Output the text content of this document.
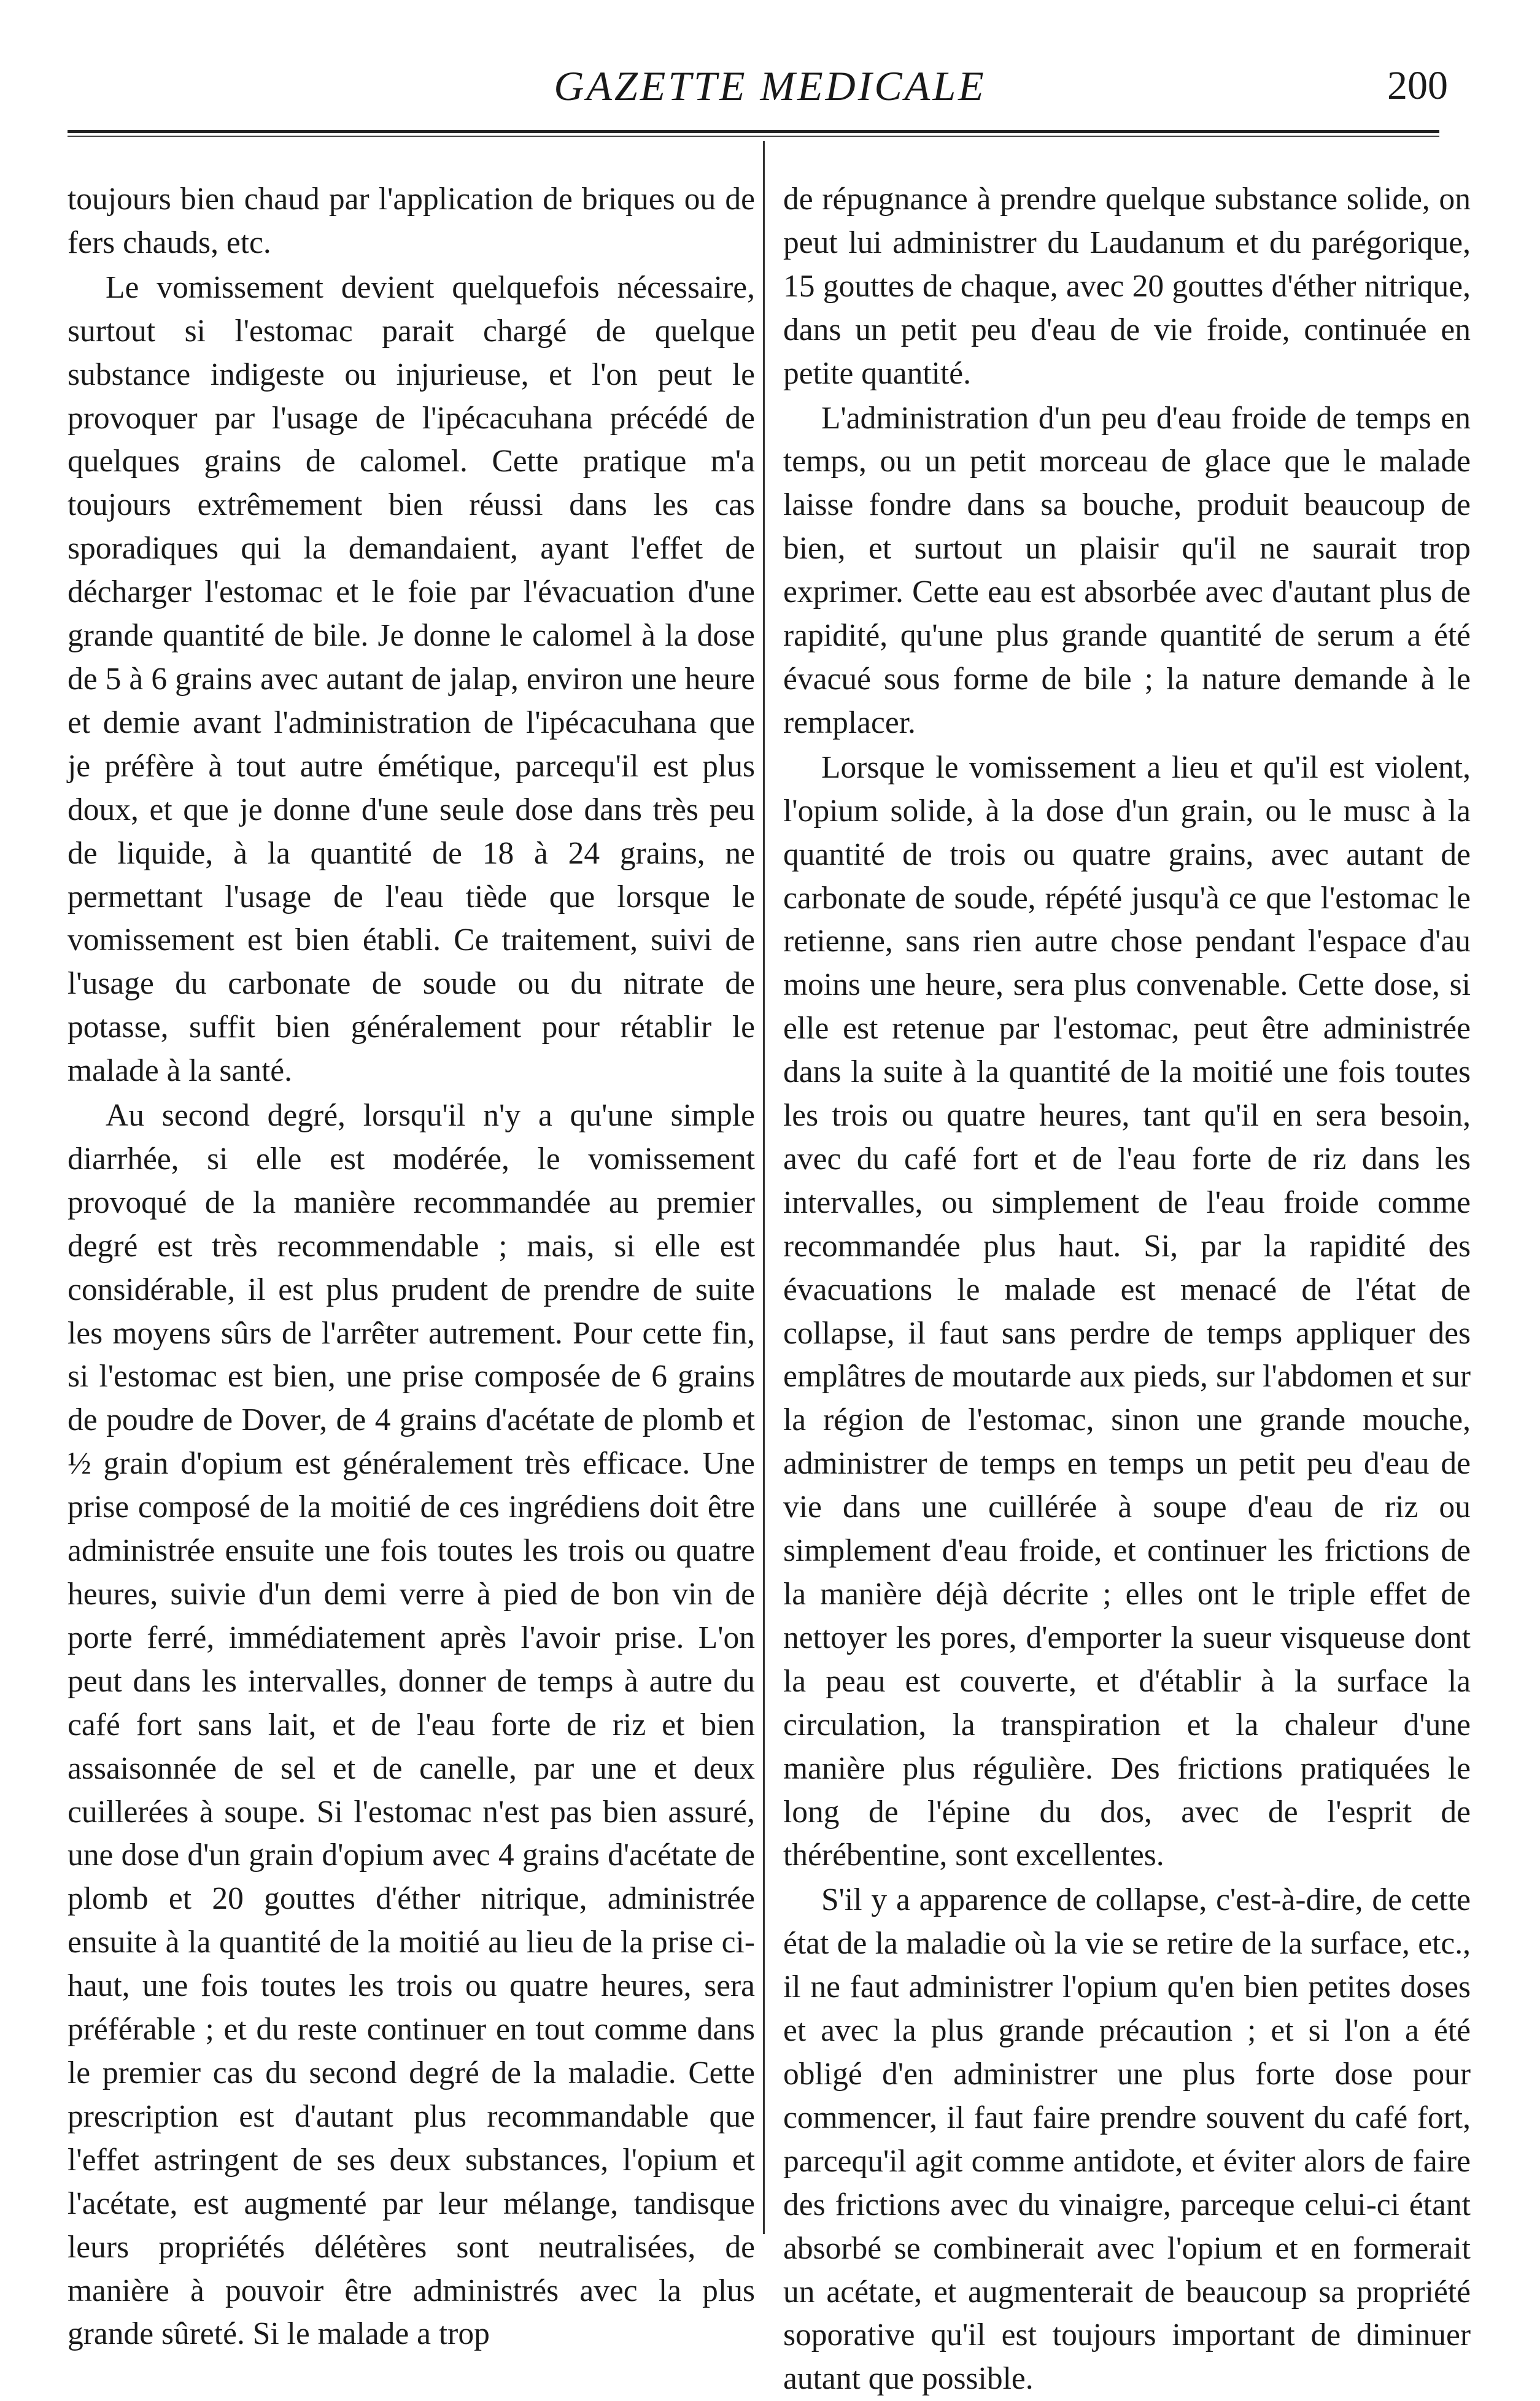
GAZETTE MEDICALE	200

toujours bien chaud par l'application de briques ou de fers chauds, etc.

Le vomissement devient quelquefois nécessaire, surtout si l'estomac parait chargé de quelque substance indigeste ou injurieuse, et l'on peut le provoquer par l'usage de l'ipécacuhana précédé de quelques grains de calomel. Cette pratique m'a toujours extrêmement bien réussi dans les cas sporadiques qui la demandaient, ayant l'effet de décharger l'estomac et le foie par l'évacuation d'une grande quantité de bile. Je donne le calomel à la dose de 5 à 6 grains avec autant de jalap, environ une heure et demie avant l'administration de l'ipécacuhana que je préfère à tout autre émétique, parcequ'il est plus doux, et que je donne d'une seule dose dans très peu de liquide, à la quantité de 18 à 24 grains, ne permettant l'usage de l'eau tiède que lorsque le vomissement est bien établi. Ce traitement, suivi de l'usage du carbonate de soude ou du nitrate de potasse, suffit bien généralement pour rétablir le malade à la santé.

Au second degré, lorsqu'il n'y a qu'une simple diarrhée, si elle est modérée, le vomissement provoqué de la manière recommandée au premier degré est très recommendable ; mais, si elle est considérable, il est plus prudent de prendre de suite les moyens sûrs de l'arrêter autrement. Pour cette fin, si l'estomac est bien, une prise composée de 6 grains de poudre de Dover, de 4 grains d'acétate de plomb et ½ grain d'opium est généralement très efficace. Une prise composé de la moitié de ces ingrédiens doit être administrée ensuite une fois toutes les trois ou quatre heures, suivie d'un demi verre à pied de bon vin de porte ferré, immédiatement après l'avoir prise. L'on peut dans les intervalles, donner de temps à autre du café fort sans lait, et de l'eau forte de riz et bien assaisonnée de sel et de canelle, par une et deux cuillerées à soupe. Si l'estomac n'est pas bien assuré, une dose d'un grain d'opium avec 4 grains d'acétate de plomb et 20 gouttes d'éther nitrique, administrée ensuite à la quantité de la moitié au lieu de la prise ci-haut, une fois toutes les trois ou quatre heures, sera préférable ; et du reste continuer en tout comme dans le premier cas du second degré de la maladie. Cette prescription est d'autant plus recommandable que l'effet astringent de ses deux substances, l'opium et l'acétate, est augmenté par leur mélange, tandisque leurs propriétés délétères sont neutralisées, de manière à pouvoir être administrés avec la plus grande sûreté. Si le malade a trop

de répugnance à prendre quelque substance solide, on peut lui administrer du Laudanum et du parégorique, 15 gouttes de chaque, avec 20 gouttes d'éther nitrique, dans un petit peu d'eau de vie froide, continuée en petite quantité.

L'administration d'un peu d'eau froide de temps en temps, ou un petit morceau de glace que le malade laisse fondre dans sa bouche, produit beaucoup de bien, et surtout un plaisir qu'il ne saurait trop exprimer. Cette eau est absorbée avec d'autant plus de rapidité, qu'une plus grande quantité de serum a été évacué sous forme de bile ; la nature demande à le remplacer.

Lorsque le vomissement a lieu et qu'il est violent, l'opium solide, à la dose d'un grain, ou le musc à la quantité de trois ou quatre grains, avec autant de carbonate de soude, répété jusqu'à ce que l'estomac le retienne, sans rien autre chose pendant l'espace d'au moins une heure, sera plus convenable. Cette dose, si elle est retenue par l'estomac, peut être administrée dans la suite à la quantité de la moitié une fois toutes les trois ou quatre heures, tant qu'il en sera besoin, avec du café fort et de l'eau forte de riz dans les intervalles, ou simplement de l'eau froide comme recommandée plus haut. Si, par la rapidité des évacuations le malade est menacé de l'état de collapse, il faut sans perdre de temps appliquer des emplâtres de moutarde aux pieds, sur l'abdomen et sur la région de l'estomac, sinon une grande mouche, administrer de temps en temps un petit peu d'eau de vie dans une cuillérée à soupe d'eau de riz ou simplement d'eau froide, et continuer les frictions de la manière déjà décrite ; elles ont le triple effet de nettoyer les pores, d'emporter la sueur visqueuse dont la peau est couverte, et d'établir à la surface la circulation, la transpiration et la chaleur d'une manière plus régulière. Des frictions pratiquées le long de l'épine du dos, avec de l'esprit de thérébentine, sont excellentes.

S'il y a apparence de collapse, c'est-à-dire, de cette état de la maladie où la vie se retire de la surface, etc., il ne faut administrer l'opium qu'en bien petites doses et avec la plus grande précaution ; et si l'on a été obligé d'en administrer une plus forte dose pour commencer, il faut faire prendre souvent du café fort, parcequ'il agit comme antidote, et éviter alors de faire des frictions avec du vinaigre, parceque celui-ci étant absorbé se combinerait avec l'opium et en formerait un acétate, et augmenterait de beaucoup sa propriété soporative qu'il est toujours important de diminuer autant que possible.
